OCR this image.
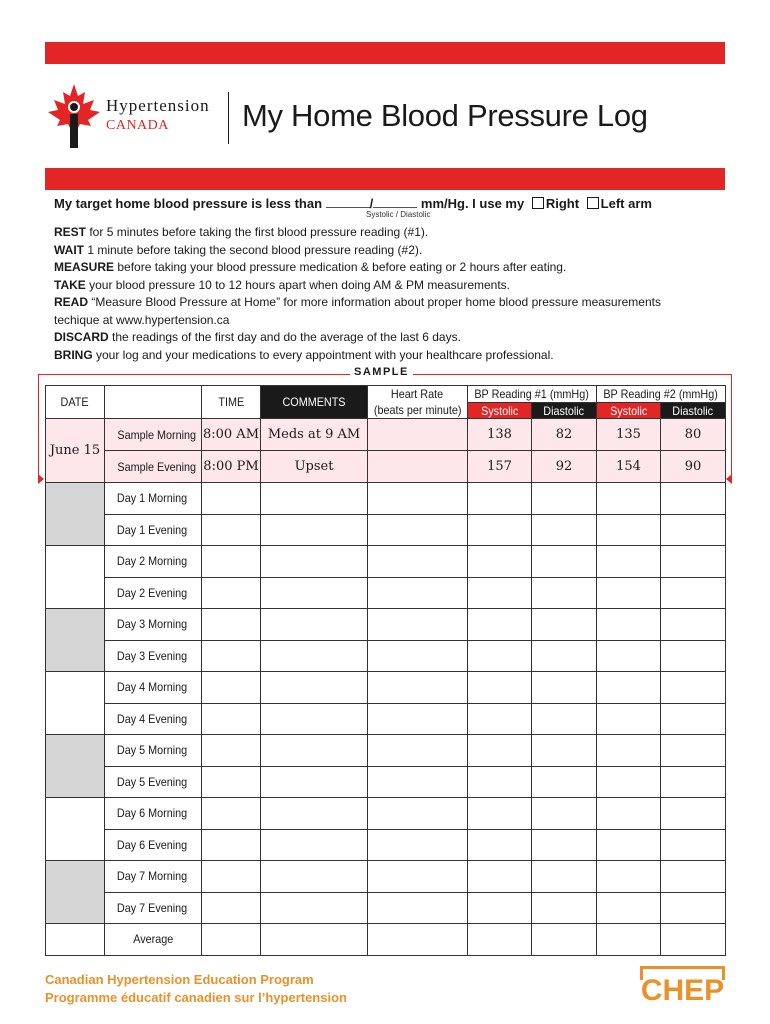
Hypertension
CANADA My Home Blood Pressure Log
My target home blood pressure is less than	/	mm/Hg. I use my Right Left arm
Systolic / Diastolic

REST for 5 minutes before taking the first blood pressure reading (#1).

WAIT 1 minute before taking the second blood pressure reading (#2).

MEASURE before taking your blood pressure medication & before eating or 2 hours after eating.

TAKE your blood pressure 10 to 12 hours apart when doing AM & PM measurements.

READ “Measure Blood Pressure at Home” for more information about proper home blood pressure measurements techique at www.hypertension.ca

DISCARD the readings of the first day and do the average of the last 6 days.

BRING your log and your medications to every appointment with your healthcare professional.

SAMPLE
DATE		TIME	COMMENTS	Heart Rate	BP Reading #1 (mmHg)		BP Reading #2 (mmHg)	
				(beats per minute)	Systolic	Diastolic	Systolic	Diastolic
June 15	Sample Morning	8:00 AM	Meds at 9 AM		138	82	135	80
	Sample Evening	8:00 PM	Upset		157	92	154	90
	Day 1 Morning							
	Day 1 Evening							
	Day 2 Morning							
	Day 2 Evening							
	Day 3 Morning							
	Day 3 Evening							
	Day 4 Morning							
	Day 4 Evening							
	Day 5 Morning							
	Day 5 Evening							
	Day 6 Morning							
	Day 6 Evening							
	Day 7 Morning							
	Day 7 Evening							
	Average							
Canadian Hypertension Education Program
Programme éducatif canadien sur l’hypertension	CHEP
